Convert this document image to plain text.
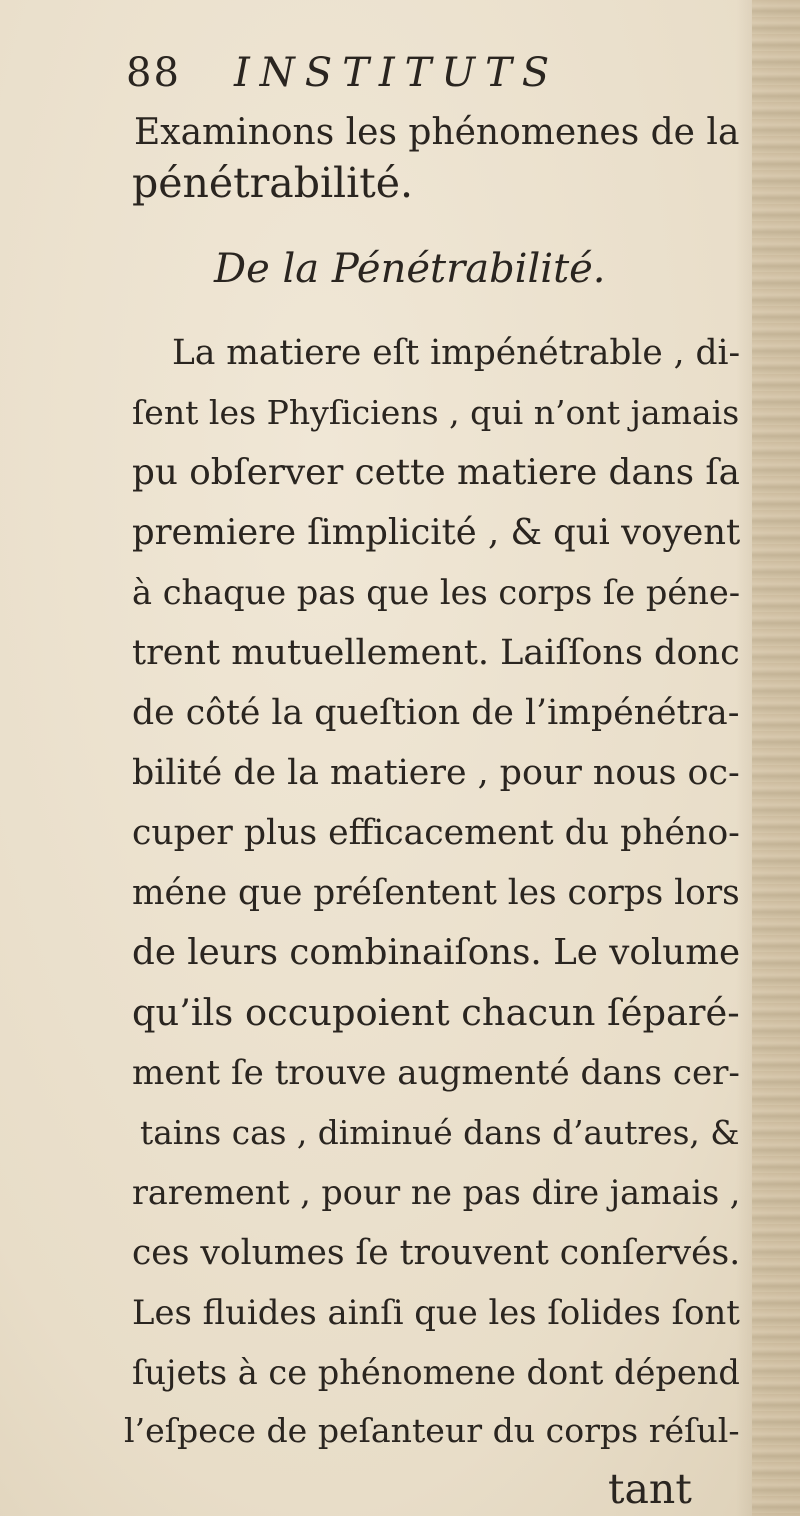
88 INSTITUTS
Examinons les phénomenes de la
pénétrabilité.
De la Pénétrabilité.
La matiere eſt impénétrable , di-
ſent les Phyſiciens , qui n’ont jamais
pu obſerver cette matiere dans ſa
premiere ſimplicité , & qui voyent
à chaque pas que les corps ſe péne-
trent mutuellement. Laiſſons donc
de côté la queſtion de l’impénétra-
bilité de la matiere , pour nous oc-
cuper plus efficacement du phéno-
méne que préſentent les corps lors
de leurs combinaiſons. Le volume
qu’ils occupoient chacun ſéparé-
ment ſe trouve augmenté dans cer-
tains cas , diminué dans d’autres, &
rarement , pour ne pas dire jamais ,
ces volumes ſe trouvent conſervés.
Les fluides ainſi que les ſolides ſont
ſujets à ce phénomene dont dépend
l’eſpece de peſanteur du corps réſul-
tant
